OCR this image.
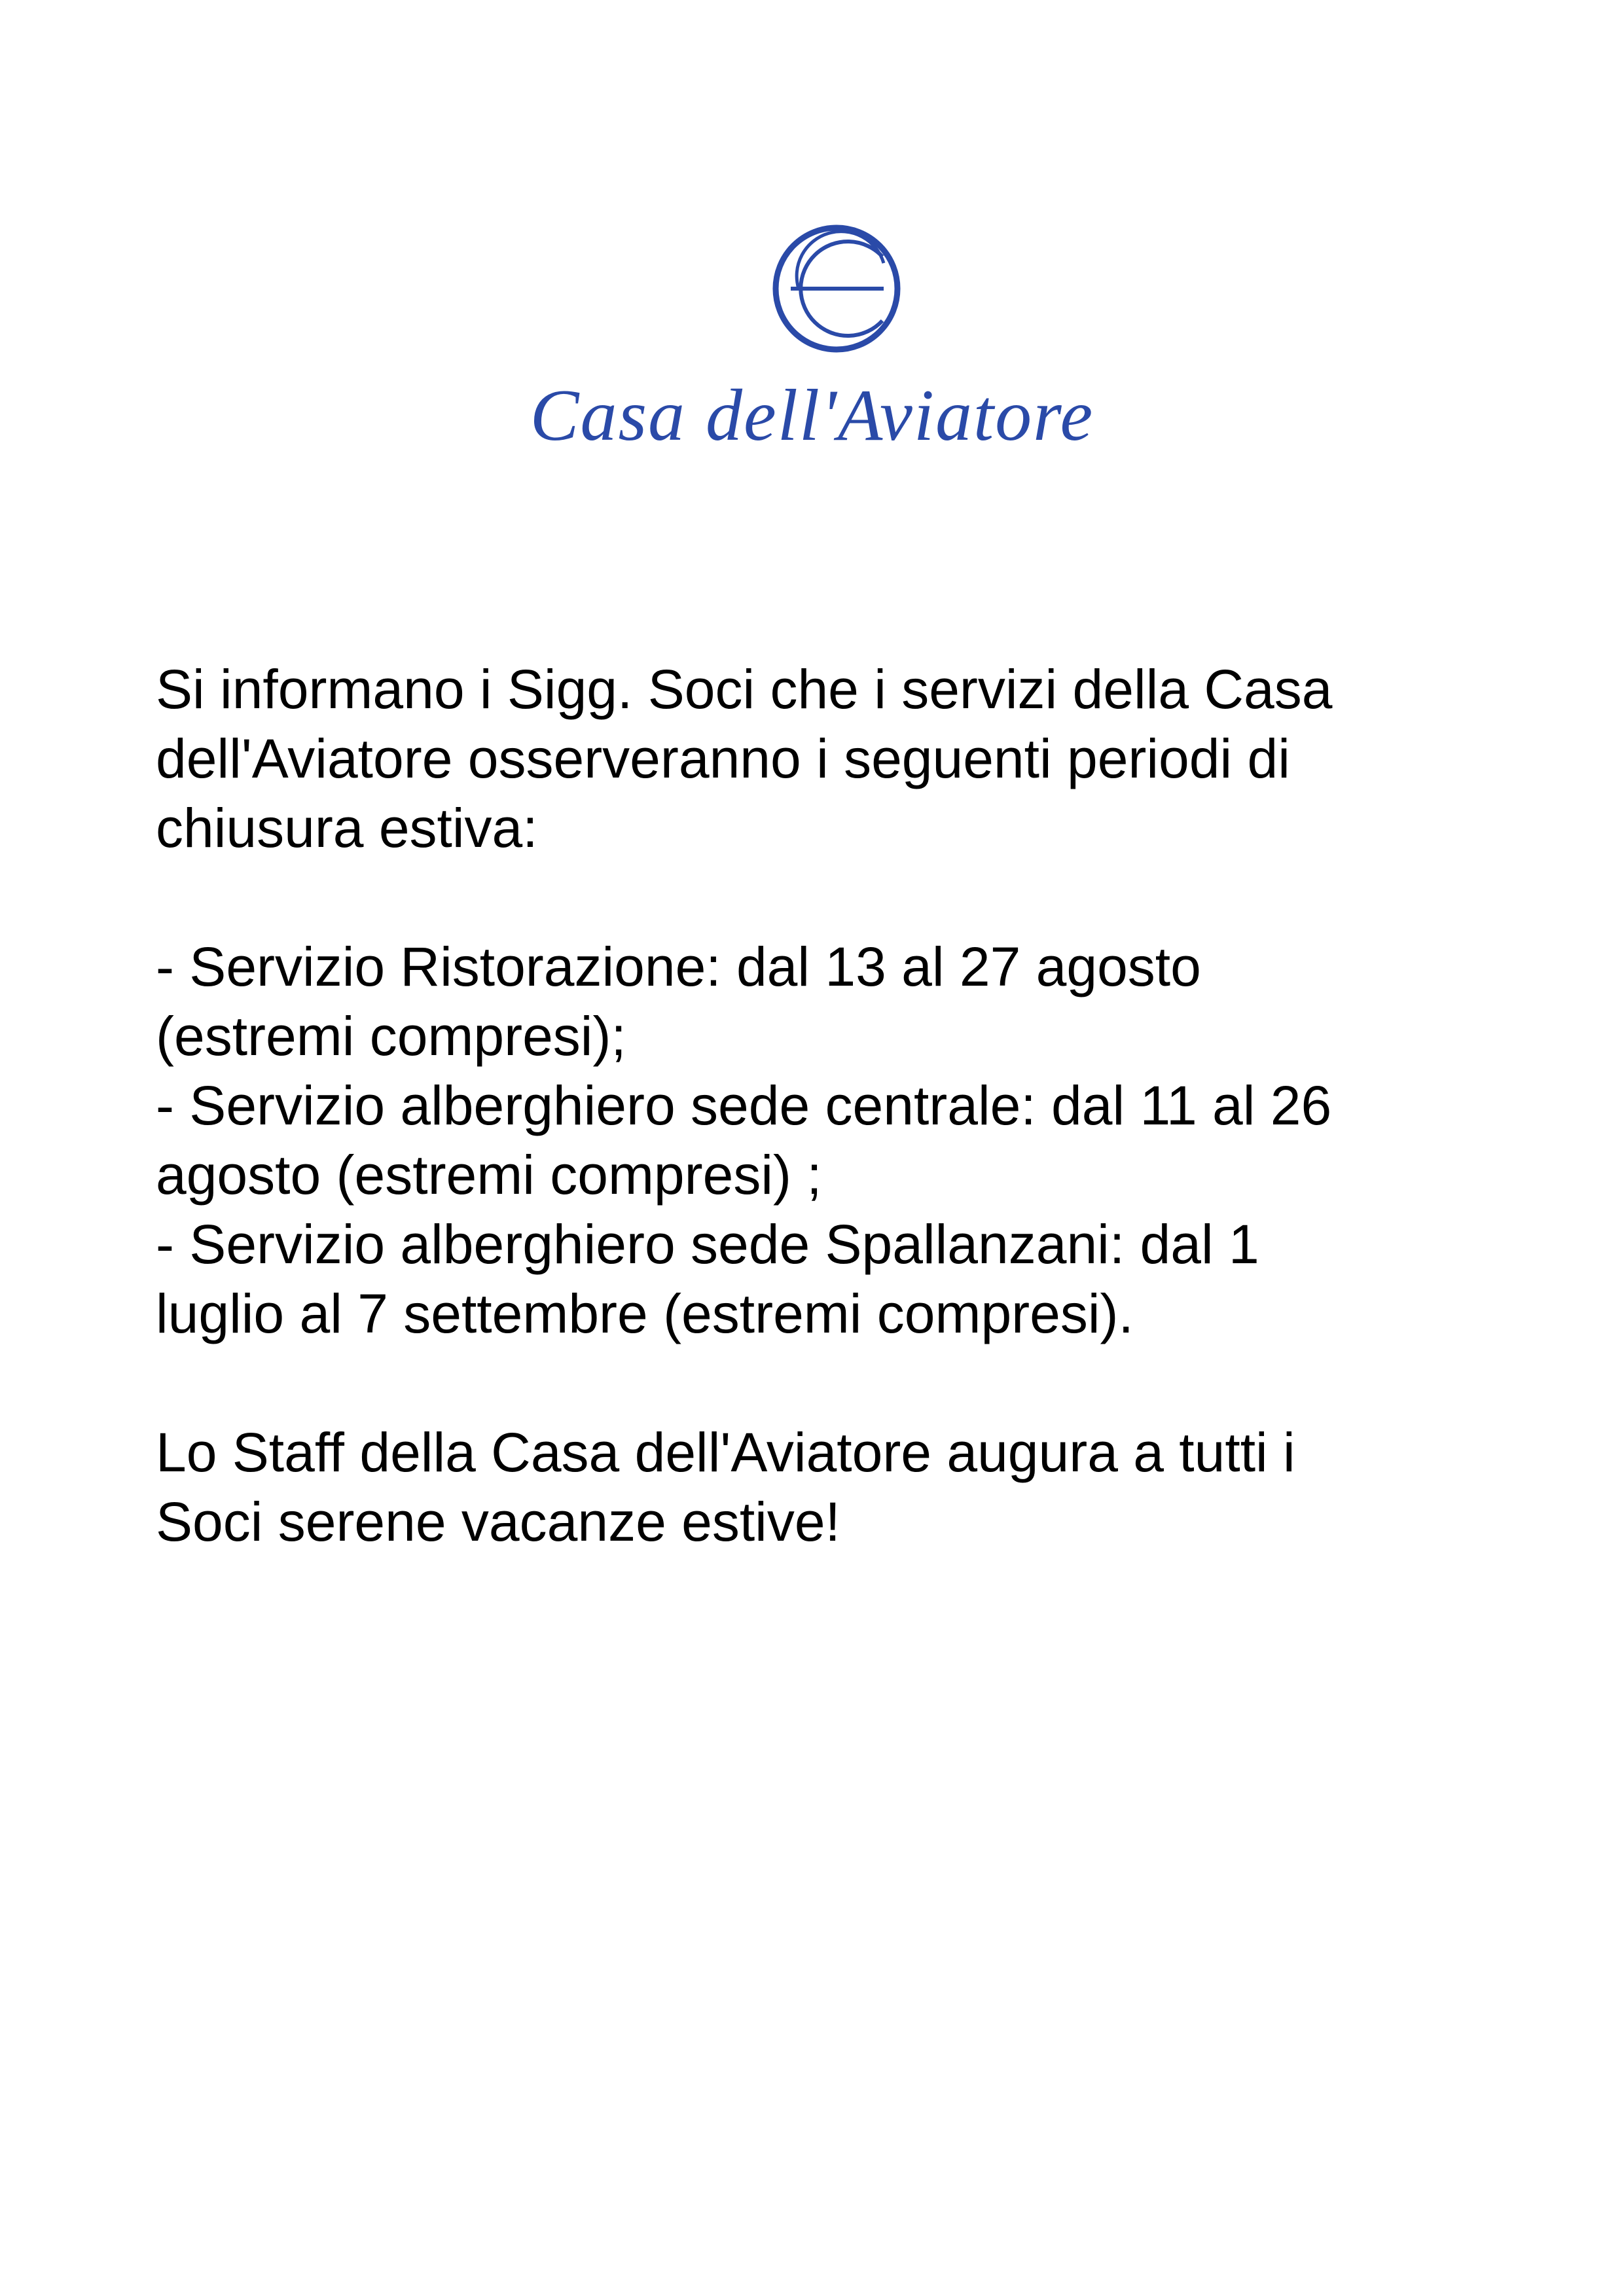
Casa dell'Aviatore

Si informano i Sigg. Soci che i servizi della Casa

dell'Aviatore osserveranno i seguenti periodi di

chiusura estiva:

- Servizio Ristorazione: dal 13 al 27 agosto

(estremi compresi);

- Servizio alberghiero sede centrale: dal 11 al 26

agosto (estremi compresi) ;

- Servizio alberghiero sede Spallanzani: dal 1

luglio al 7 settembre (estremi compresi).

Lo Staff della Casa dell'Aviatore augura a tutti i

Soci serene vacanze estive!
